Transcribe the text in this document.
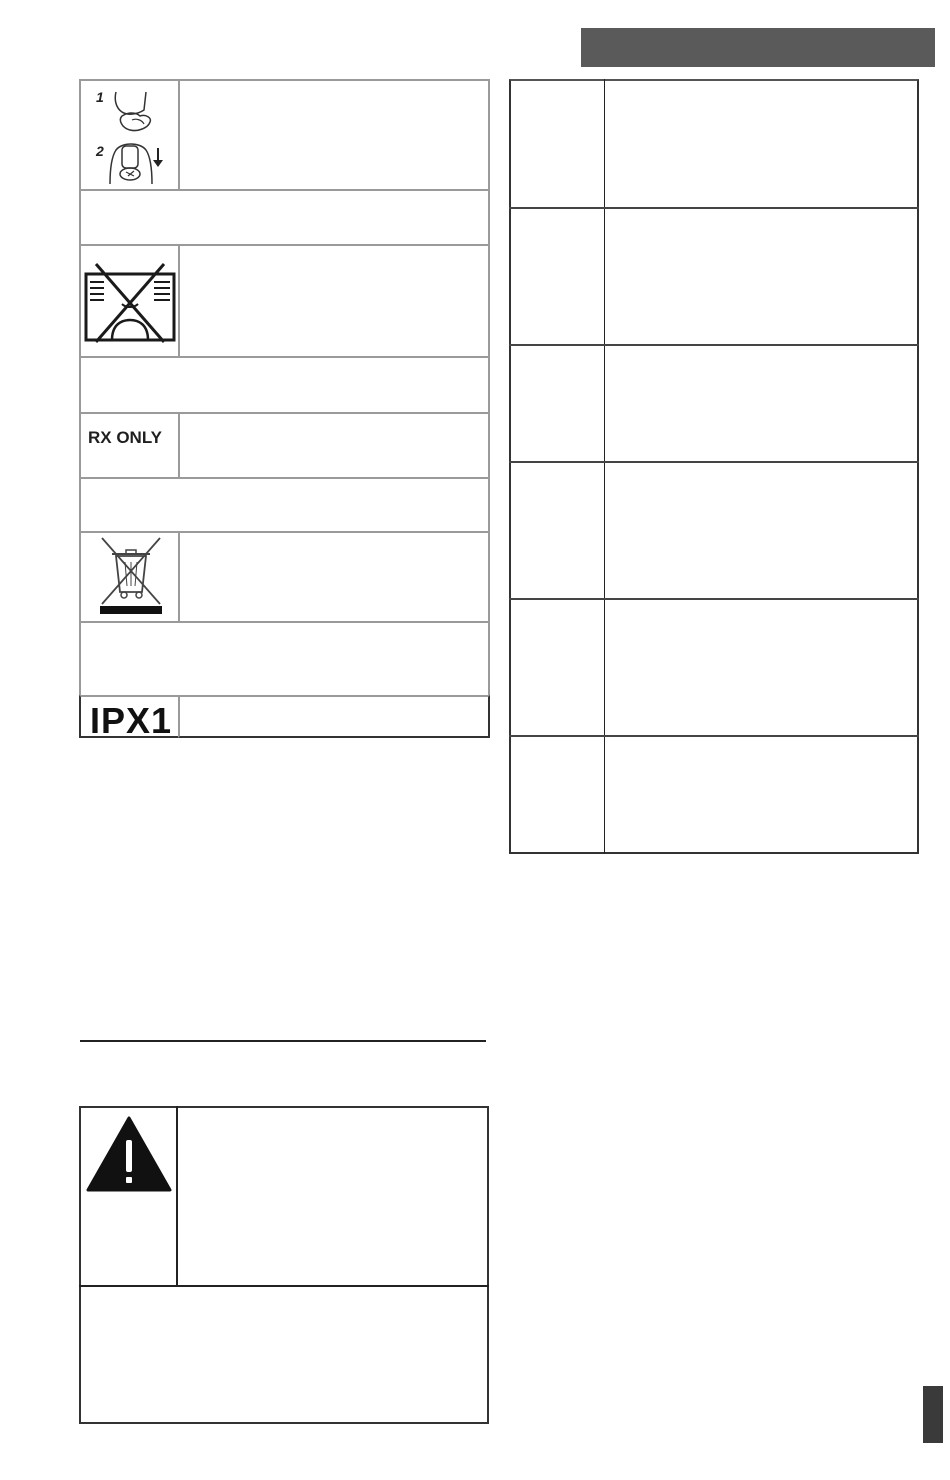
1
2
RX ONLY
IPX1
